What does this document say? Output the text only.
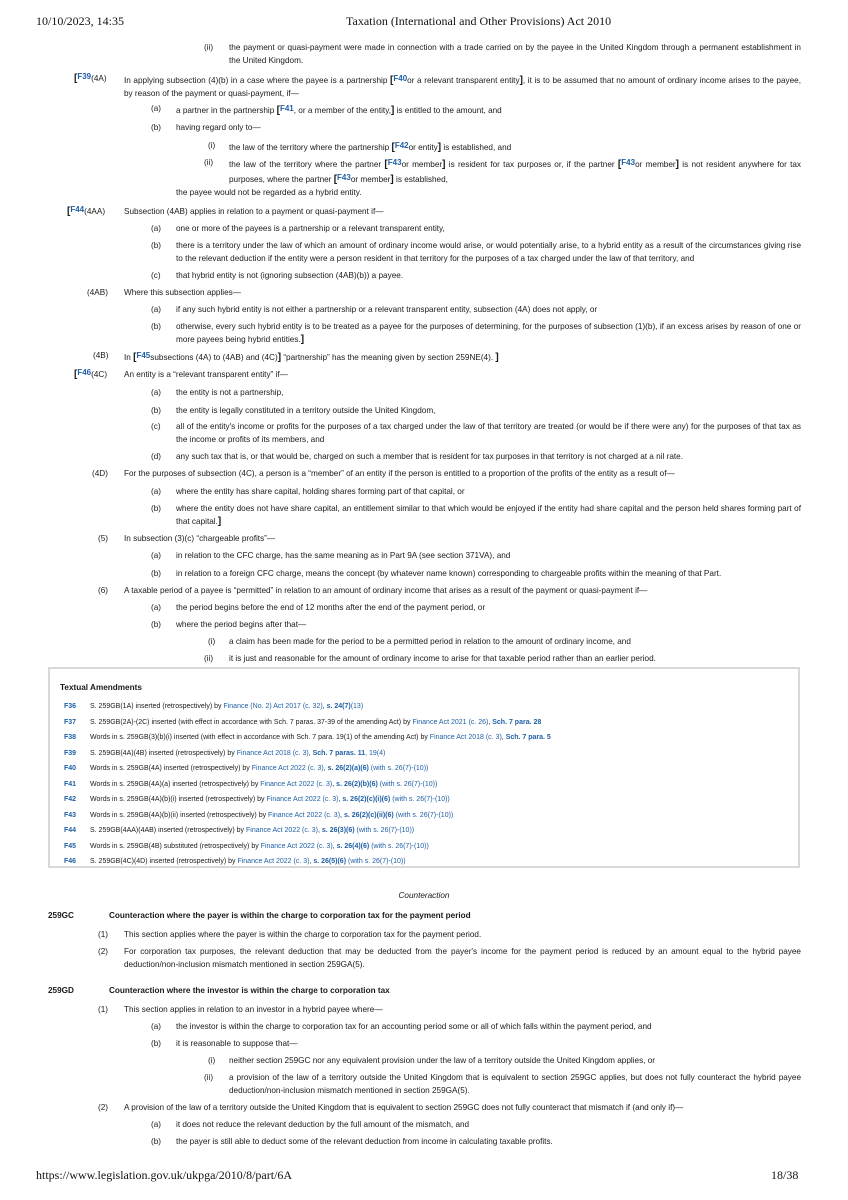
10/10/2023, 14:35	Taxation (International and Other Provisions) Act 2010
(ii) the payment or quasi-payment were made in connection with a trade carried on by the payee in the United Kingdom through a permanent establishment in the United Kingdom.
[F39(4A) In applying subsection (4)(b) in a case where the payee is a partnership [F40or a relevant transparent entity], it is to be assumed that no amount of ordinary income arises to the payee, by reason of the payment or quasi-payment, if—
(a) a partner in the partnership [F41, or a member of the entity,] is entitled to the amount, and
(b) having regard only to—
(i) the law of the territory where the partnership [F42or entity] is established, and
(ii) the law of the territory where the partner [F43or member] is resident for tax purposes or, if the partner [F43or member] is not resident anywhere for tax purposes, where the partner [F43or member] is established,
the payee would not be regarded as a hybrid entity.
[F44(4AA) Subsection (4AB) applies in relation to a payment or quasi-payment if—
(a) one or more of the payees is a partnership or a relevant transparent entity,
(b) there is a territory under the law of which an amount of ordinary income would arise, or would potentially arise, to a hybrid entity as a result of the circumstances giving rise to the relevant deduction if the entity were a person resident in that territory for the purposes of a tax charged under the law of that territory, and
(c) that hybrid entity is not (ignoring subsection (4AB)(b)) a payee.
(4AB) Where this subsection applies—
(a) if any such hybrid entity is not either a partnership or a relevant transparent entity, subsection (4A) does not apply, or
(b) otherwise, every such hybrid entity is to be treated as a payee for the purposes of determining, for the purposes of subsection (1)(b), if an excess arises by reason of one or more payees being hybrid entities.]
(4B) In [F45subsections (4A) to (4AB) and (4C)] “partnership” has the meaning given by section 259NE(4). ]
[F46(4C) An entity is a “relevant transparent entity” if—
(a) the entity is not a partnership,
(b) the entity is legally constituted in a territory outside the United Kingdom,
(c) all of the entity's income or profits for the purposes of a tax charged under the law of that territory are treated (or would be if there were any) for the purposes of that tax as the income or profits of its members, and
(d) any such tax that is, or that would be, charged on such a member that is resident for tax purposes in that territory is not charged at a nil rate.
(4D) For the purposes of subsection (4C), a person is a “member” of an entity if the person is entitled to a proportion of the profits of the entity as a result of—
(a) where the entity has share capital, holding shares forming part of that capital, or
(b) where the entity does not have share capital, an entitlement similar to that which would be enjoyed if the entity had share capital and the person held shares forming part of that capital.]
(5) In subsection (3)(c) “chargeable profits”—
(a) in relation to the CFC charge, has the same meaning as in Part 9A (see section 371VA), and
(b) in relation to a foreign CFC charge, means the concept (by whatever name known) corresponding to chargeable profits within the meaning of that Part.
(6) A taxable period of a payee is “permitted” in relation to an amount of ordinary income that arises as a result of the payment or quasi-payment if—
(a) the period begins before the end of 12 months after the end of the payment period, or
(b) where the period begins after that—
(i) a claim has been made for the period to be a permitted period in relation to the amount of ordinary income, and
(ii) it is just and reasonable for the amount of ordinary income to arise for that taxable period rather than an earlier period.
Textual Amendments
F36 S. 259GB(1A) inserted (retrospectively) by Finance (No. 2) Act 2017 (c. 32), s. 24(7)(13)
F37 S. 259GB(2A)-(2C) inserted (with effect in accordance with Sch. 7 paras. 37-39 of the amending Act) by Finance Act 2021 (c. 26), Sch. 7 para. 28
F38 Words in s. 259GB(3)(b)(i) inserted (with effect in accordance with Sch. 7 para. 19(1) of the amending Act) by Finance Act 2018 (c. 3), Sch. 7 para. 5
F39 S. 259GB(4A)(4B) inserted (retrospectively) by Finance Act 2018 (c. 3), Sch. 7 paras. 11, 19(4)
F40 Words in s. 259GB(4A) inserted (retrospectively) by Finance Act 2022 (c. 3), s. 26(2)(a)(6) (with s. 26(7)-(10))
F41 Words in s. 259GB(4A)(a) inserted (retrospectively) by Finance Act 2022 (c. 3), s. 26(2)(b)(6) (with s. 26(7)-(10))
F42 Words in s. 259GB(4A)(b)(i) inserted (retrospectively) by Finance Act 2022 (c. 3), s. 26(2)(c)(i)(6) (with s. 26(7)-(10))
F43 Words in s. 259GB(4A)(b)(ii) inserted (retrospectively) by Finance Act 2022 (c. 3), s. 26(2)(c)(ii)(6) (with s. 26(7)-(10))
F44 S. 259GB(4AA)(4AB) inserted (retrospectively) by Finance Act 2022 (c. 3), s. 26(3)(6) (with s. 26(7)-(10))
F45 Words in s. 259GB(4B) substituted (retrospectively) by Finance Act 2022 (c. 3), s. 26(4)(6) (with s. 26(7)-(10))
F46 S. 259GB(4C)(4D) inserted (retrospectively) by Finance Act 2022 (c. 3), s. 26(5)(6) (with s. 26(7)-(10))
Counteraction
259GC	Counteraction where the payer is within the charge to corporation tax for the payment period
(1) This section applies where the payer is within the charge to corporation tax for the payment period.
(2) For corporation tax purposes, the relevant deduction that may be deducted from the payer's income for the payment period is reduced by an amount equal to the hybrid payee deduction/non-inclusion mismatch mentioned in section 259GA(5).
259GD	Counteraction where the investor is within the charge to corporation tax
(1) This section applies in relation to an investor in a hybrid payee where—
(a) the investor is within the charge to corporation tax for an accounting period some or all of which falls within the payment period, and
(b) it is reasonable to suppose that—
(i) neither section 259GC nor any equivalent provision under the law of a territory outside the United Kingdom applies, or
(ii) a provision of the law of a territory outside the United Kingdom that is equivalent to section 259GC applies, but does not fully counteract the hybrid payee deduction/non-inclusion mismatch mentioned in section 259GA(5).
(2) A provision of the law of a territory outside the United Kingdom that is equivalent to section 259GC does not fully counteract that mismatch if (and only if)—
(a) it does not reduce the relevant deduction by the full amount of the mismatch, and
(b) the payer is still able to deduct some of the relevant deduction from income in calculating taxable profits.
https://www.legislation.gov.uk/ukpga/2010/8/part/6A	18/38
